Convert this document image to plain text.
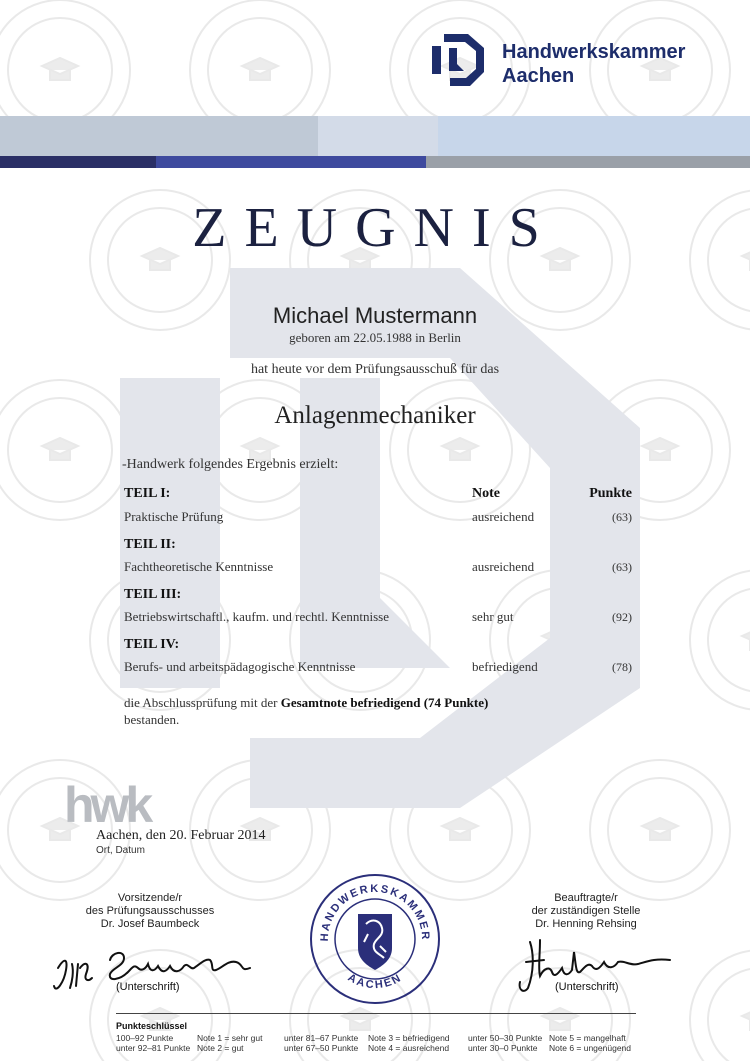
Handwerkskammer
Aachen
ZEUGNIS
Michael Mustermann
geboren am 22.05.1988 in Berlin
hat heute vor dem Prüfungsausschuß für das
Anlagenmechaniker
-Handwerk folgendes Ergebnis erzielt:
TEIL I:	Note	Punkte
Praktische Prüfung	ausreichend	(63)
TEIL II:
Fachtheoretische Kenntnisse	ausreichend	(63)
TEIL III:
Betriebswirtschaftl., kaufm. und rechtl. Kenntnisse	sehr gut	(92)
TEIL IV:
Berufs- und arbeitspädagogische Kenntnisse	befriedigend	(78)
die Abschlussprüfung mit der Gesamtnote befriedigend (74 Punkte)
bestanden.
hwk
Aachen, den 20. Februar 2014
Ort, Datum
Vorsitzende/r
des Prüfungsausschusses
Dr. Josef Baumbeck
(Unterschrift)
HANDWERKSKAMMER
AACHEN
Beauftragte/r
der zuständigen Stelle
Dr. Henning Rehsing
(Unterschrift)
Punkteschlüssel
100–92 Punkte	Note 1 = sehr gut	unter 81–67 Punkte Note 3 = befriedigend unter 50–30 Punkte Note 5 = mangelhaft
unter 92–81 Punkte Note 2 = gut	unter 67–50 Punkte Note 4 = ausreichend unter 30–0 Punkte Note 6 = ungenügend
